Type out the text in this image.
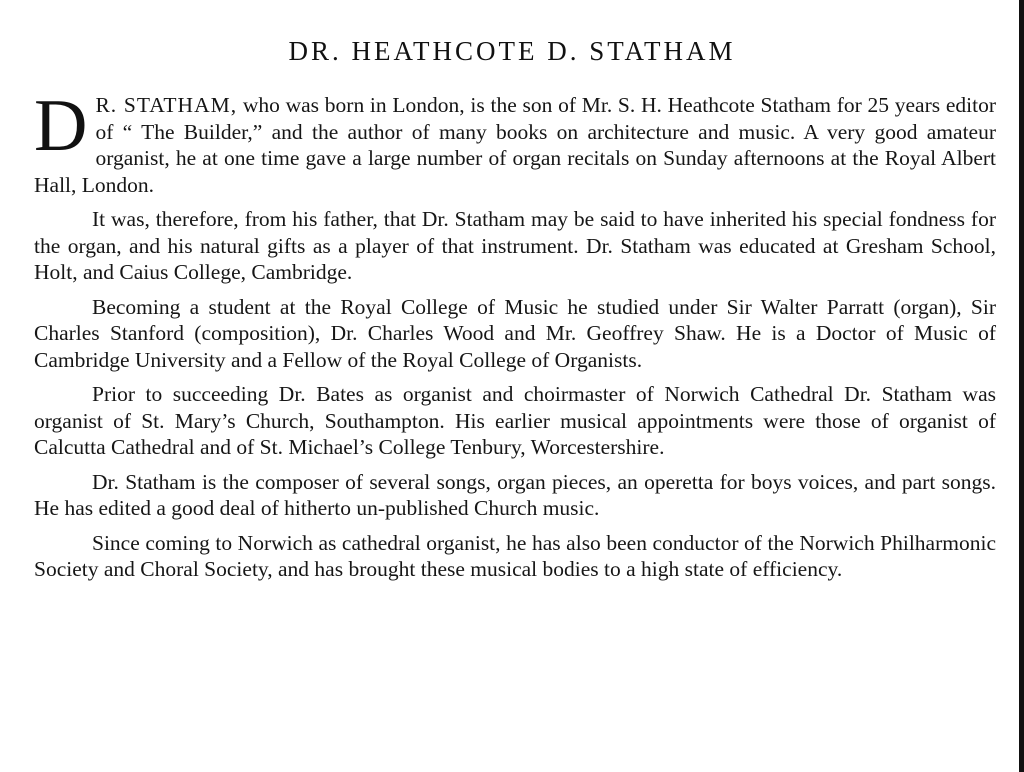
DR. HEATHCOTE D. STATHAM

D R. STATHAM, who was born in London, is the son of Mr. S. H. Heathcote Statham for 25 years editor of “ The Builder,” and the author of many books on architecture and music. A very good amateur organist, he at one time gave a large number of organ recitals on Sunday afternoons at the Royal Albert Hall, London.

It was, therefore, from his father, that Dr. Statham may be said to have inherited his special fondness for the organ, and his natural gifts as a player of that instrument. Dr. Statham was educated at Gresham School, Holt, and Caius College, Cambridge.

Becoming a student at the Royal College of Music he studied under Sir Walter Parratt (organ), Sir Charles Stanford (composition), Dr. Charles Wood and Mr. Geoffrey Shaw. He is a Doctor of Music of Cambridge University and a Fellow of the Royal College of Organists.

Prior to succeeding Dr. Bates as organist and choirmaster of Norwich Cathedral Dr. Statham was organist of St. Mary’s Church, Southampton. His earlier musical appointments were those of organist of Calcutta Cathedral and of St. Michael’s College Tenbury, Worcestershire.

Dr. Statham is the composer of several songs, organ pieces, an operetta for boys voices, and part songs. He has edited a good deal of hitherto un-published Church music.

Since coming to Norwich as cathedral organist, he has also been conductor of the Norwich Philharmonic Society and Choral Society, and has brought these musical bodies to a high state of efficiency.
